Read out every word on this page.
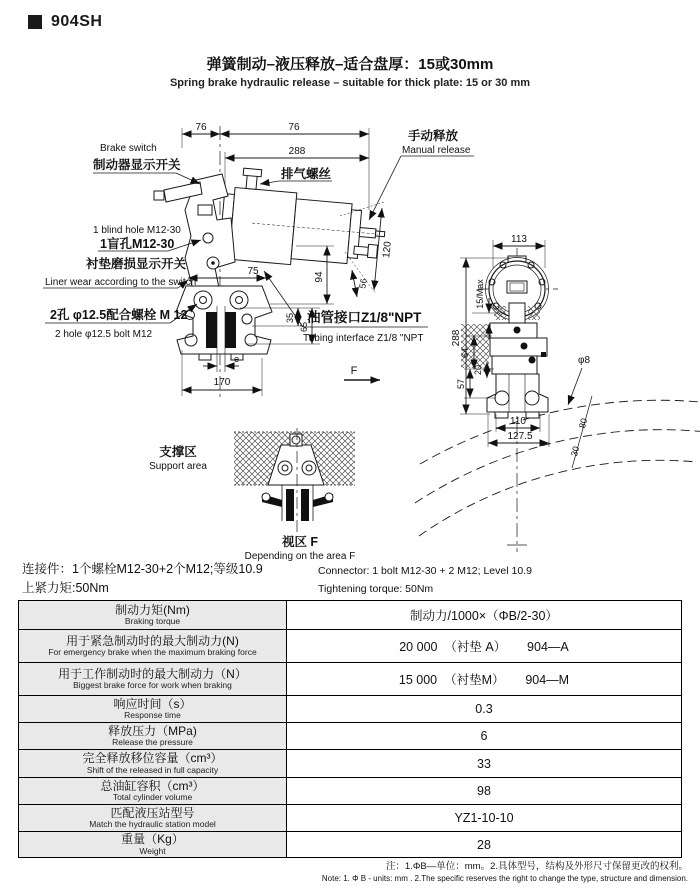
904SH
弹簧制动–液压释放–适合盘厚：15或30mm
Spring brake hydraulic release – suitable for thick plate: 15 or 30 mm
76	76
288
75	94
56
120
35
65
170
e
F
Brake switch
制动器显示开关
1 blind hole M12-30
1盲孔M12-30
衬垫磨损显示开关
Liner wear according to the switch
2孔 φ12.5配合螺栓 M 12
2 hole φ12.5 bolt M12
排气螺丝
手动释放
Manual release
油管接口Z1/8"NPT
Tubing interface Z1/8 "NPT
113
288
15/Max
64
20
57
110
127.5
φ8
80
30
支撑区
Support area
视区 F
Depending on the area F
连接件：1个螺栓M12-30+2个M12;等级10.9
上紧力矩:50Nm
Connector: 1 bolt M12-30 + 2 M12; Level 10.9
Tightening torque: 50Nm
制动力矩(Nm)
Braking torque	制动力/1000×（ΦB/2-30）
用于紧急制动时的最大制动力(N)
For emergency brake when the maximum braking force	20 000  （衬垫 A）      904—A
用于工作制动时的最大制动力（N）
Biggest brake force for work when braking	15 000  （衬垫M）      904—M
响应时间（s）
Response time	0.3
释放压力（MPa)
Release the pressure	6
完全释放移位容量（cm³）
Shift of the released in full capacity	33
总油缸容积（cm³）
Total cylinder volume	98
匹配液压站型号
Match the hydraulic station model	YZ1-10-10
重量（Kg）
Weight	28
注：1.ΦB—单位：mm。2.具体型号，结构及外形尺寸保留更改的权利。
Note: 1. Φ B - units: mm . 2.The specific reserves the right to change the type, structure and dimension.
